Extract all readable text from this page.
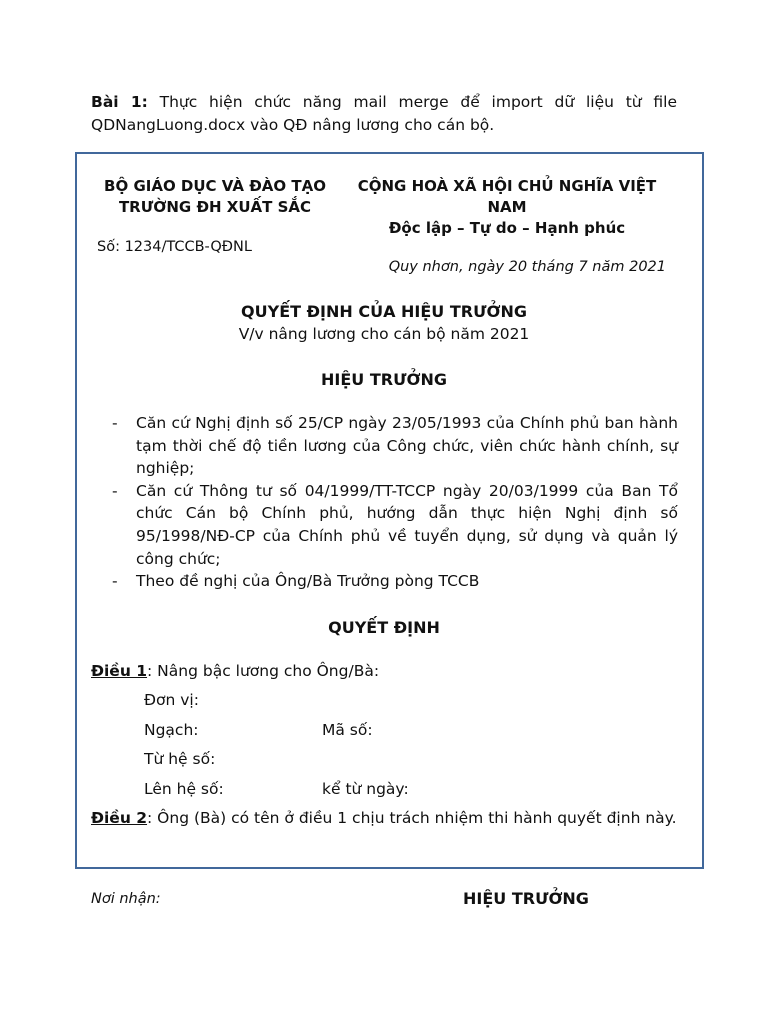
Bài 1: Thực hiện chức năng mail merge để import dữ liệu từ file QDNangLuong.docx vào QĐ nâng lương cho cán bộ.
BỘ GIÁO DỤC VÀ ĐÀO TẠO
TRƯỜNG ĐH XUẤT SẮC
Số: 1234/TCCB-QĐNL
CỘNG HOÀ XÃ HỘI CHỦ NGHĨA VIỆT
NAM
Độc lập – Tự do – Hạnh phúc
Quy nhơn, ngày 20 tháng 7 năm 2021
QUYẾT ĐỊNH CỦA HIỆU TRƯỞNG
V/v nâng lương cho cán bộ năm 2021
HIỆU TRƯỞNG
- Căn cứ Nghị định số 25/CP ngày 23/05/1993 của Chính phủ ban hành tạm thời chế độ tiền lương của Công chức, viên chức hành chính, sự nghiệp;
- Căn cứ Thông tư số 04/1999/TT-TCCP ngày 20/03/1999 của Ban Tổ chức Cán bộ Chính phủ, hướng dẫn thực hiện Nghị định số 95/1998/NĐ-CP của Chính phủ về tuyển dụng, sử dụng và quản lý công chức;
- Theo đề nghị của Ông/Bà Trưởng pòng TCCB
QUYẾT ĐỊNH
Điều 1: Nâng bậc lương cho Ông/Bà:
Đơn vị:
Ngạch:	Mã số:
Từ hệ số:
Lên hệ số:	kể từ ngày:
Điều 2: Ông (Bà) có tên ở điều 1 chịu trách nhiệm thi hành quyết định này.
Nơi nhận:	HIỆU TRƯỞNG
